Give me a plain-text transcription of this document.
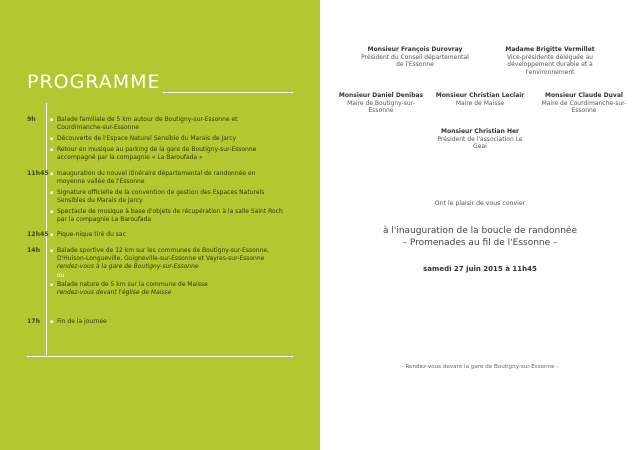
PROGRAMME
9h	▪ Balade familiale de 5 km autour de Boutigny-sur-Essonne et Courdimanche-sur-Essonne
▪ Découverte de l'Espace Naturel Sensible du Marais de Jarcy
▪ Retour en musique au parking de la gare de Boutigny-sur-Essonne accompagné par la compagnie « La Baroufada »
11h45	▪ Inauguration du nouvel itinéraire départemental de randonnée en moyenne vallée de l'Essonne
▪ Signature officielle de la convention de gestion des Espaces Naturels Sensibles du Marais de Jarcy
▪ Spectacle de musique à base d'objets de récupération à la salle Saint Roch par la compagnie La Baroufada
12h45	▪ Pique-nique tiré du sac
14h	▪ Balade sportive de 12 km sur les communes de Boutigny-sur-Essonne, D'Huison-Longueville, Guigneville-sur-Essonne et Vayres-sur-Essonne
rendez-vous à la gare de Boutigny-sur-Essonne
ou
▪ Balade nature de 5 km sur la commune de Maisse
rendez-vous devant l'église de Maisse
17h	▪ Fin de la journée
Monsieur François Durovray
Président du Conseil départemental de l'Essonne
Madame Brigitte Vermillet
Vice-présidente déléguée au développement durable et à l'environnement
Monsieur Daniel Denibas
Maire de Boutigny-sur-Essonne
Monsieur Christian Leclair
Maire de Maisse
Monsieur Claude Duval
Maire de Courdimanche-sur-Essonne
Monsieur Christian Her
Président de l'association Le Geai
Ont le plaisir de vous convier
à l'inauguration de la boucle de randonnée
– Promenades au fil de l'Essonne –
samedi 27 juin 2015 à 11h45
- Rendez-vous devant la gare de Boutigny-sur-Essonne -
